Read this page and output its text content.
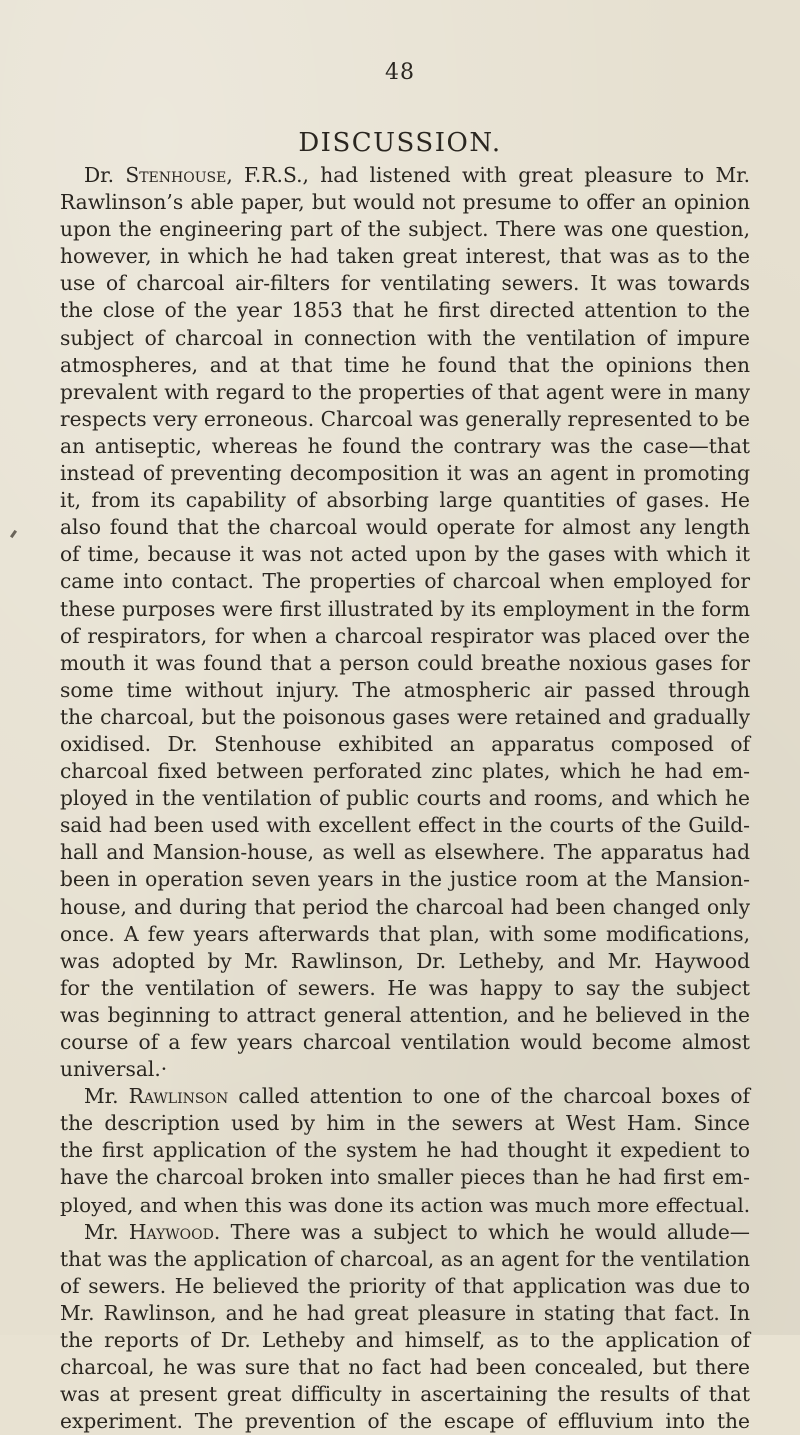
48
DISCUSSION.
Dr. Stenhouse, F.R.S., had listened with great pleasure to Mr.
Rawlinson’s able paper, but would not presume to offer an opinion
upon the engineering part of the subject. There was one question,
however, in which he had taken great interest, that was as to the
use of charcoal air-filters for ventilating sewers. It was towards
the close of the year 1853 that he first directed attention to the
subject of charcoal in connection with the ventilation of impure
atmospheres, and at that time he found that the opinions then
prevalent with regard to the properties of that agent were in many
respects very erroneous. Charcoal was generally represented to be
an antiseptic, whereas he found the contrary was the case—that
instead of preventing decomposition it was an agent in promoting
it, from its capability of absorbing large quantities of gases. He
also found that the charcoal would operate for almost any length
of time, because it was not acted upon by the gases with which it
came into contact. The properties of charcoal when employed for
these purposes were first illustrated by its employment in the form
of respirators, for when a charcoal respirator was placed over the
mouth it was found that a person could breathe noxious gases for
some time without injury. The atmospheric air passed through
the charcoal, but the poisonous gases were retained and gradually
oxidised. Dr. Stenhouse exhibited an apparatus composed of
charcoal fixed between perforated zinc plates, which he had em-
ployed in the ventilation of public courts and rooms, and which he
said had been used with excellent effect in the courts of the Guild-
hall and Mansion-house, as well as elsewhere. The apparatus had
been in operation seven years in the justice room at the Mansion-
house, and during that period the charcoal had been changed only
once. A few years afterwards that plan, with some modifications,
was adopted by Mr. Rawlinson, Dr. Letheby, and Mr. Haywood
for the ventilation of sewers. He was happy to say the subject
was beginning to attract general attention, and he believed in the
course of a few years charcoal ventilation would become almost
universal.·
Mr. Rawlinson called attention to one of the charcoal boxes of
the description used by him in the sewers at West Ham. Since
the first application of the system he had thought it expedient to
have the charcoal broken into smaller pieces than he had first em-
ployed, and when this was done its action was much more effectual.
Mr. Haywood. There was a subject to which he would allude—
that was the application of charcoal, as an agent for the ventilation
of sewers. He believed the priority of that application was due to
Mr. Rawlinson, and he had great pleasure in stating that fact. In
the reports of Dr. Letheby and himself, as to the application of
charcoal, he was sure that no fact had been concealed, but there
was at present great difficulty in ascertaining the results of that
experiment. The prevention of the escape of effluvium into the
